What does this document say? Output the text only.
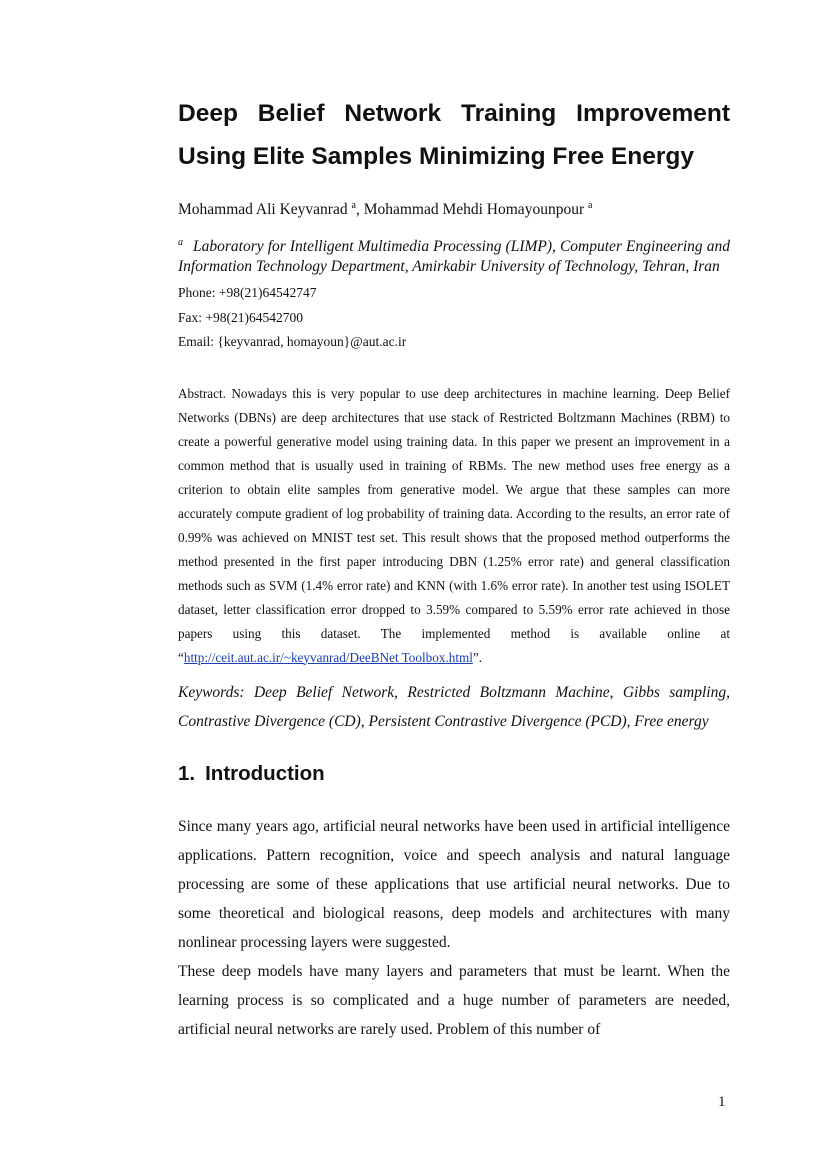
Deep Belief Network Training Improvement
Using Elite Samples Minimizing Free Energy
Mohammad Ali Keyvanrad $^a$, Mohammad Mehdi Homayounpour $^a$
$^a$ Laboratory for Intelligent Multimedia Processing (LIMP), Computer Engineering and Information Technology Department, Amirkabir University of Technology, Tehran, Iran
Phone: +98(21)64542747
Fax: +98(21)64542700
Email: {keyvanrad, homayoun}@aut.ac.ir
Abstract. Nowadays this is very popular to use deep architectures in machine learning. Deep Belief Networks (DBNs) are deep architectures that use stack of Restricted Boltzmann Machines (RBM) to create a powerful generative model using training data. In this paper we present an improvement in a common method that is usually used in training of RBMs. The new method uses free energy as a criterion to obtain elite samples from generative model. We argue that these samples can more accurately compute gradient of log probability of training data. According to the results, an error rate of 0.99% was achieved on MNIST test set. This result shows that the proposed method outperforms the method presented in the first paper introducing DBN (1.25% error rate) and general classification methods such as SVM (1.4% error rate) and KNN (with 1.6% error rate). In another test using ISOLET dataset, letter classification error dropped to 3.59% compared to 5.59% error rate achieved in those papers using this dataset. The implemented method is available online at “http://ceit.aut.ac.ir/~keyvanrad/DeeBNet Toolbox.html”.
Keywords: Deep Belief Network, Restricted Boltzmann Machine, Gibbs sampling, Contrastive Divergence (CD), Persistent Contrastive Divergence (PCD), Free energy
1. Introduction

Since many years ago, artificial neural networks have been used in artificial intelligence applications. Pattern recognition, voice and speech analysis and natural language processing are some of these applications that use artificial neural networks. Due to some theoretical and biological reasons, deep models and architectures with many nonlinear processing layers were suggested.

These deep models have many layers and parameters that must be learnt. When the learning process is so complicated and a huge number of parameters are needed, artificial neural networks are rarely used. Problem of this number of

1
